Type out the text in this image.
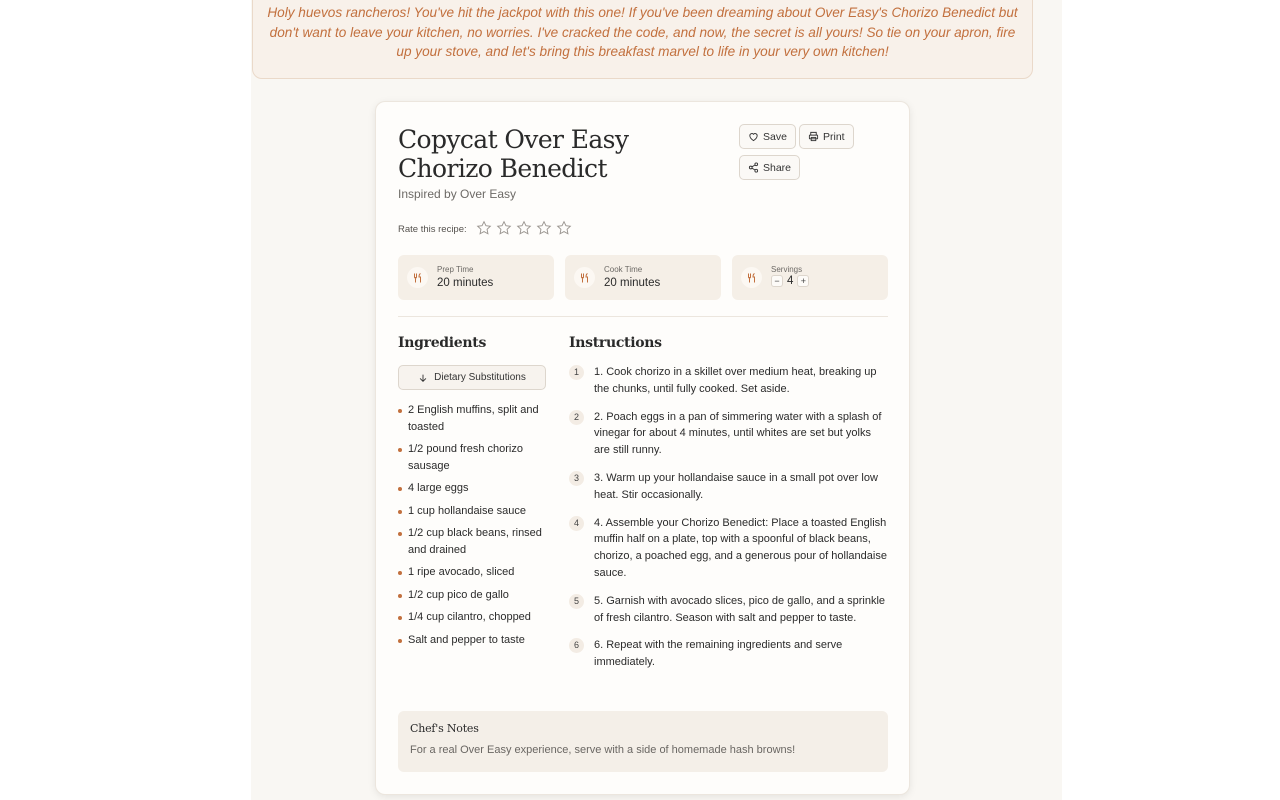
Holy huevos rancheros! You've hit the jackpot with this one! If you've been dreaming about Over Easy's Chorizo Benedict but don't want to leave your kitchen, no worries. I've cracked the code, and now, the secret is all yours! So tie on your apron, fire up your stove, and let's bring this breakfast marvel to life in your very own kitchen!

Copycat Over Easy Chorizo Benedict
Inspired by Over Easy
Save	Print
Share
Rate this recipe:
Prep Time
20 minutes
Cook Time
20 minutes
Servings
− 4 +
Ingredients
Dietary Substitutions
2 English muffins, split and toasted
1/2 pound fresh chorizo sausage
4 large eggs
1 cup hollandaise sauce
1/2 cup black beans, rinsed and drained
1 ripe avocado, sliced
1/2 cup pico de gallo
1/4 cup cilantro, chopped
Salt and pepper to taste
Instructions
1	1. Cook chorizo in a skillet over medium heat, breaking up the chunks, until fully cooked. Set aside.
2	2. Poach eggs in a pan of simmering water with a splash of vinegar for about 4 minutes, until whites are set but yolks are still runny.
3	3. Warm up your hollandaise sauce in a small pot over low heat. Stir occasionally.
4	4. Assemble your Chorizo Benedict: Place a toasted English muffin half on a plate, top with a spoonful of black beans, chorizo, a poached egg, and a generous pour of hollandaise sauce.
5	5. Garnish with avocado slices, pico de gallo, and a sprinkle of fresh cilantro. Season with salt and pepper to taste.
6	6. Repeat with the remaining ingredients and serve immediately.
Chef's Notes
For a real Over Easy experience, serve with a side of homemade hash browns!
